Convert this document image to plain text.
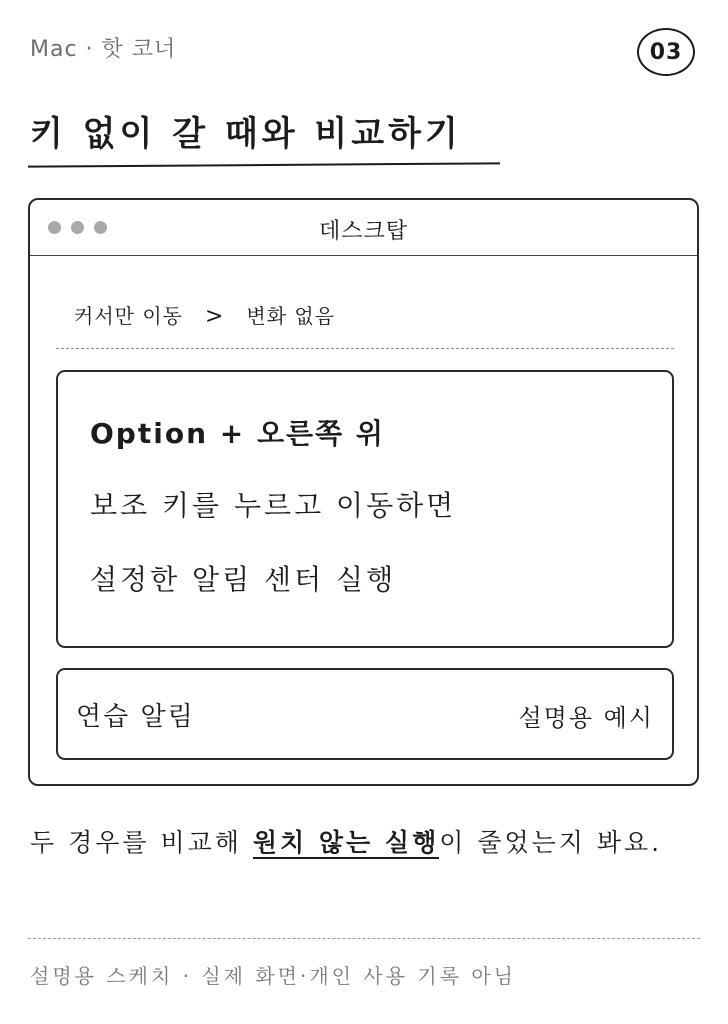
Mac · 핫 코너	03
키 없이 갈 때와 비교하기
데스크탑
커서만 이동 > 변화 없음
Option + 오른쪽 위
보조 키를 누르고 이동하면
설정한 알림 센터 실행
연습 알림	설명용 예시
두 경우를 비교해 원치 않는 실행이 줄었는지 봐요.
설명용 스케치 · 실제 화면·개인 사용 기록 아님
